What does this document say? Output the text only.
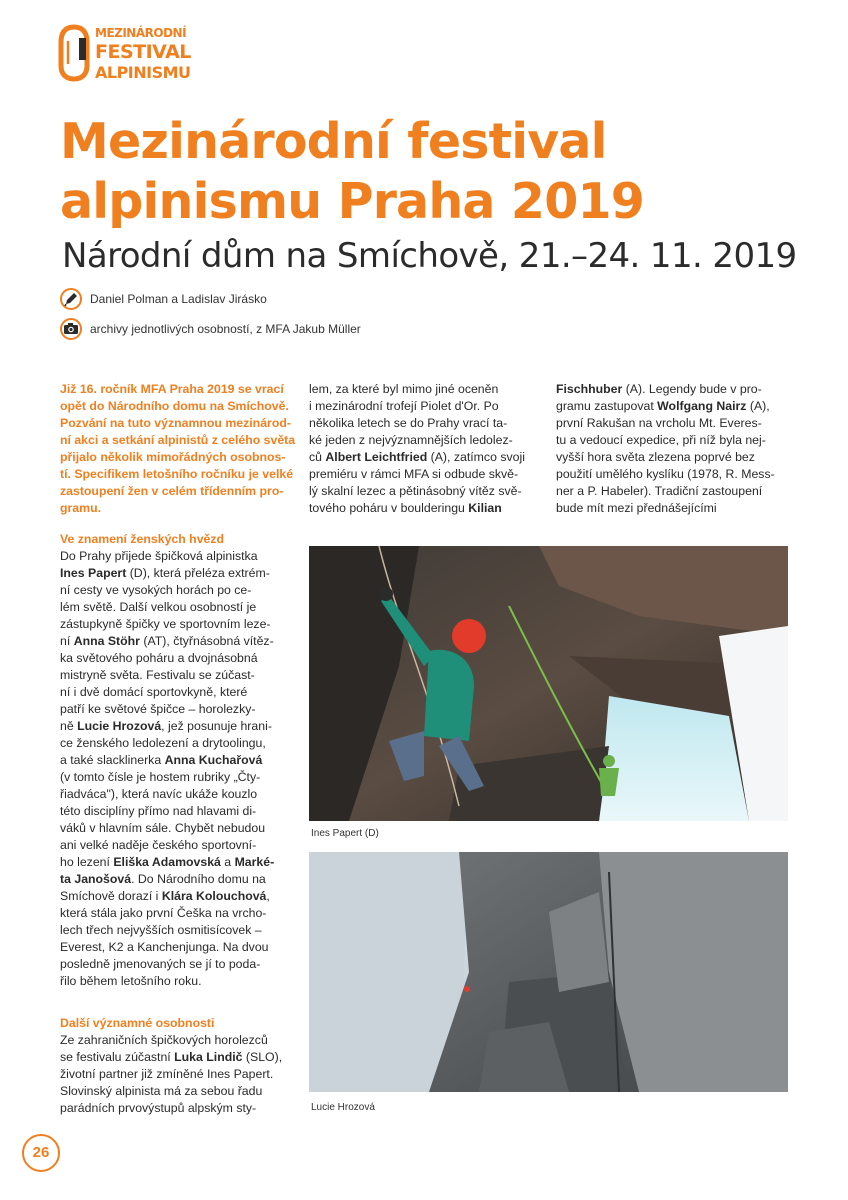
MEZINÁRODNÍ
FESTIVAL
ALPINISMU
Mezinárodní festival
alpinismu Praha 2019
Národní dům na Smíchově, 21.–24. 11. 2019
Daniel Polman a Ladislav Jirásko
archivy jednotlivých osobností, z MFA Jakub Müller
Již 16. ročník MFA Praha 2019 se vrací
opět do Národního domu na Smíchově.
Pozvání na tuto významnou mezinárod-
ní akci a setkání alpinistů z celého světa
přijalo několik mimořádných osobnos-
tí. Specifikem letošního ročníku je velké
zastoupení žen v celém třídenním pro-
gramu.
Ve znamení ženských hvězd
Do Prahy přijede špičková alpinistka
Ines Papert (D), která přeléza extrém-
ní cesty ve vysokých horách po ce-
lém světě. Další velkou osobností je
zástupkyně špičky ve sportovním leze-
ní Anna Stöhr (AT), čtyřnásobná vítěz-
ka světového poháru a dvojnásobná
mistryně světa. Festivalu se zúčast-
ní i dvě domácí sportovkyně, které
patří ke světové špičce – horolezky-
ně Lucie Hrozová, jež posunuje hrani-
ce ženského ledolezení a drytoolingu,
a také slacklinerka Anna Kuchařová
(v tomto čísle je hostem rubriky „Čty-
řiadváca"), která navíc ukáže kouzlo
této disciplíny přímo nad hlavami di-
váků v hlavním sále. Chybět nebudou
ani velké naděje českého sportovní-
ho lezení Eliška Adamovská a Marké-
ta Janošová. Do Národního domu na
Smíchově dorazí i Klára Kolouchová,
která stála jako první Češka na vrcho-
lech třech nejvyšších osmitisícovek –
Everest, K2 a Kanchenjunga. Na dvou
posledně jmenovaných se jí to poda-
řilo během letošního roku.
Další významné osobnosti
Ze zahraničních špičkových horolezců
se festivalu zúčastní Luka Lindič (SLO),
životní partner již zmíněné Ines Papert.
Slovinský alpinista má za sebou řadu
parádních prvovýstupů alpským sty-
lem, za které byl mimo jiné oceněn
i mezinárodní trofejí Piolet d'Or. Po
několika letech se do Prahy vrací ta-
ké jeden z nejvýznamnějších ledolez-
ců Albert Leichtfried (A), zatímco svoji
premiéru v rámci MFA si odbude skvě-
lý skalní lezec a pětinásobný vítěz svě-
tového poháru v boulderingu Kilian
Fischhuber (A). Legendy bude v pro-
gramu zastupovat Wolfgang Nairz (A),
první Rakušan na vrcholu Mt. Everes-
tu a vedoucí expedice, při níž byla nej-
vyšší hora světa zlezena poprvé bez
použití umělého kyslíku (1978, R. Mess-
ner a P. Habeler). Tradiční zastoupení
bude mít mezi přednášejícími
Ines Papert (D)
Lucie Hrozová
26
